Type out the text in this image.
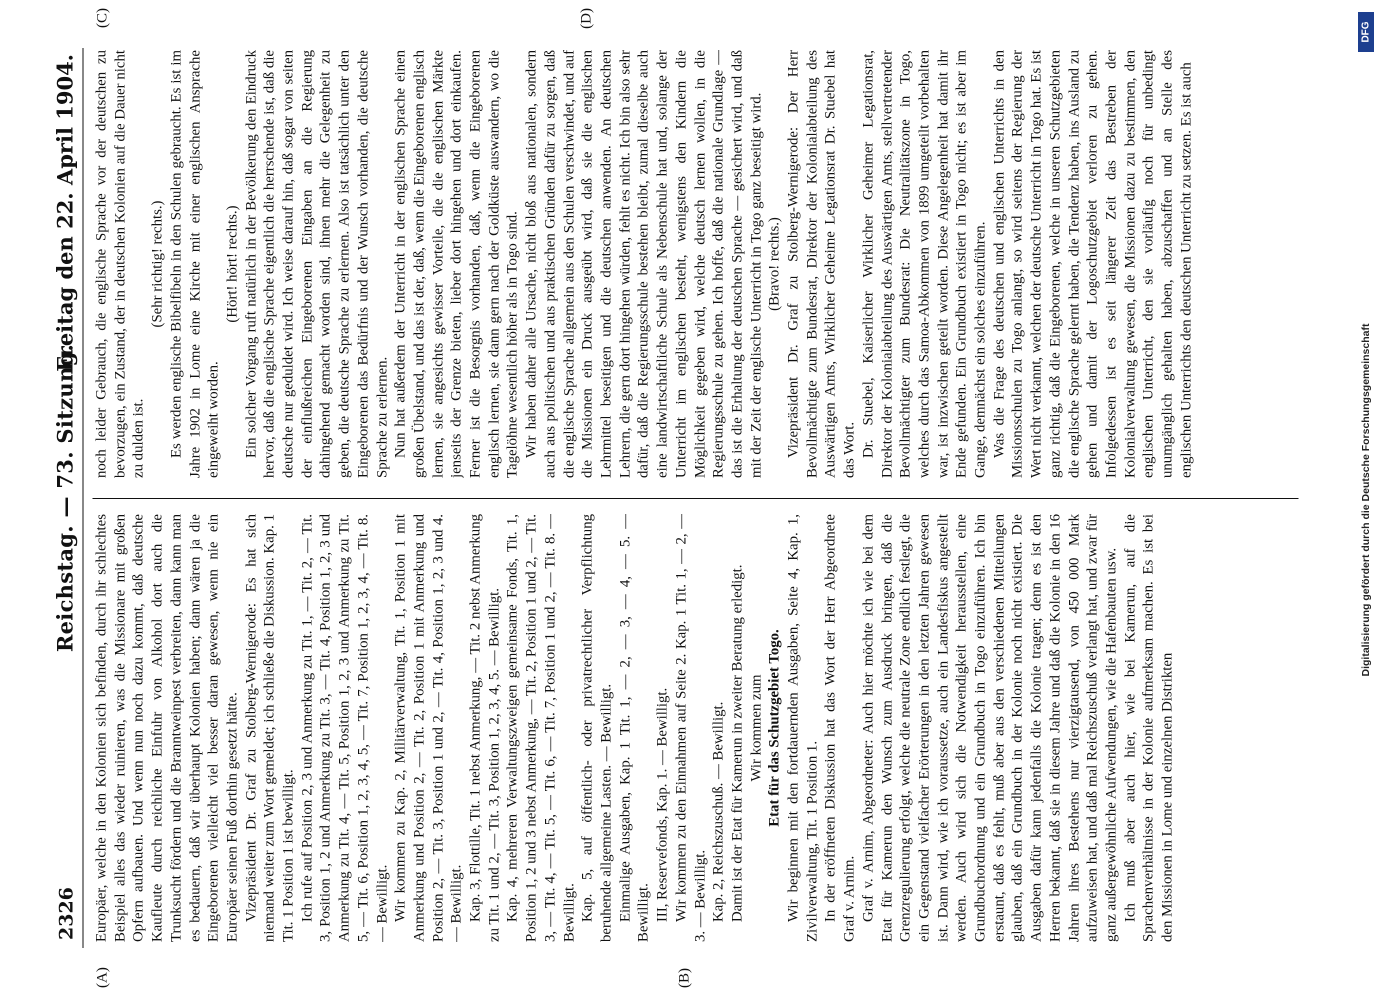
2326
Reichstag. — 73. Sitzung.
Freitag den 22. April 1904.
(A)	(B)
(C)	(D)

Europäer, welche in den Kolonien sich befinden, durch ihr schlechtes Beispiel alles das wieder ruinieren, was die Missionare mit großen Opfern aufbauen. Und wenn nun noch dazu kommt, daß deutsche Kaufleute durch reichliche Einfuhr von Alkohol dort auch die Trunksucht fördern und die Branntweinpest verbreiten, dann kann man es bedauern, daß wir überhaupt Kolonien haben; dann wären ja die Eingeborenen vielleicht viel besser daran gewesen, wenn nie ein Europäer seinen Fuß dorthin gesetzt hätte. Vizepräsident Dr. Graf zu Stolberg-Wernigerode: Es hat sich niemand weiter zum Wort gemeldet; ich schließe die Diskussion. Kap. 1 Tit. 1 Position 1 ist bewilligt. Ich rufe auf Position 2, 3 und Anmerkung zu Tit. 1, — Tit. 2, — Tit. 3, Position 1, 2 und Anmerkung zu Tit. 3, — Tit. 4, Position 1, 2, 3 und Anmerkung zu Tit. 4, — Tit. 5, Position 1, 2, 3 und Anmerkung zu Tit. 5, — Tit. 6, Position 1, 2, 3, 4, 5, — Tit. 7, Position 1, 2, 3, 4, — Tit. 8. — Bewilligt. Wir kommen zu Kap. 2, Militärverwaltung, Tit. 1, Position 1 mit Anmerkung und Position 2, — Tit. 2, Position 1 mit Anmerkung und Position 2, — Tit. 3, Position 1 und 2, — Tit. 4, Position 1, 2, 3 und 4. — Bewilligt. Kap. 3, Flottille, Tit. 1 nebst Anmerkung, — Tit. 2 nebst Anmerkung zu Tit. 1 und 2, — Tit. 3, Position 1, 2, 3, 4, 5. — Bewilligt. Kap. 4, mehreren Verwaltungszweigen gemeinsame Fonds, Tit. 1, Position 1, 2 und 3 nebst Anmerkung, — Tit. 2, Position 1 und 2, — Tit. 3, — Tit. 4, — Tit. 5, — Tit. 6, — Tit. 7, Position 1 und 2, — Tit. 8. — Bewilligt. Kap. 5, auf öffentlich- oder privatrechtlicher Verpflichtung beruhende allgemeine Lasten. — Bewilligt. Einmalige Ausgaben, Kap. 1 Tit. 1, — 2, — 3, — 4, — 5. — Bewilligt. III, Reservefonds, Kap. 1. — Bewilligt. Wir kommen zu den Einnahmen auf Seite 2. Kap. 1 Tit. 1, — 2, — 3. — Bewilligt. Kap. 2, Reichszuschuß. — Bewilligt. Damit ist der Etat für Kamerun in zweiter Beratung erledigt. Wir kommen zum Etat für das Schutzgebiet Togo. Wir beginnen mit den fortdauernden Ausgaben, Seite 4, Kap. 1, Zivilverwaltung, Tit. 1 Position 1. In der eröffneten Diskussion hat das Wort der Herr Abgeordnete Graf v. Arnim. Graf v. Arnim, Abgeordneter: Auch hier möchte ich wie bei dem Etat für Kamerun den Wunsch zum Ausdruck bringen, daß die Grenzregulierung erfolgt, welche die neutrale Zone endlich festlegt, die ein Gegenstand vielfacher Erörterungen in den letzten Jahren gewesen ist. Dann wird, wie ich voraussetze, auch ein Landesfiskus angestellt werden. Auch wird sich die Notwendigkeit herausstellen, eine Grundbuchordnung und ein Grundbuch in Togo einzuführen. Ich bin erstaunt, daß es fehlt, muß aber aus den verschiedenen Mitteilungen glauben, daß ein Grundbuch in der Kolonie noch nicht existiert. Die Ausgaben dafür kann jedenfalls die Kolonie tragen; denn es ist den Herren bekannt, daß sie in diesem Jahre und daß die Kolonie in den 16 Jahren ihres Bestehens nur vierzigtausend, von 450 000 Mark aufzuweisen hat, und daß mal Reichszuschuß verlangt hat, und zwar für ganz außergewöhnliche Aufwendungen, wie die Hafenbauten usw. Ich muß aber auch hier, wie bei Kamerun, auf die Sprachenverhältnisse in der Kolonie aufmerksam machen. Es ist bei den Missionen in Lome und einzelnen Distrikten

noch leider Gebrauch, die englische Sprache vor der deutschen zu bevorzugen, ein Zustand, der in deutschen Kolonien auf die Dauer nicht zu dulden ist.

(Sehr richtig! rechts.) Es werden englische Bibelfibeln in den Schulen gebraucht. Es ist im Jahre 1902 in Lome eine Kirche mit einer englischen Ansprache eingeweiht worden.

(Hört! hört! rechts.) Ein solcher Vorgang ruft natürlich in der Bevölkerung den Eindruck hervor, daß die englische Sprache eigentlich die herrschende ist, daß die deutsche nur geduldet wird. Ich weise darauf hin, daß sogar von seiten der einflußreichen Eingeborenen Eingaben an die Regierung dahingehend gemacht worden sind, ihnen mehr die Gelegenheit zu geben, die deutsche Sprache zu erlernen. Also ist tatsächlich unter den Eingeborenen das Bedürfnis und der Wunsch vorhanden, die deutsche Sprache zu erlernen. Nun hat außerdem der Unterricht in der englischen Sprache einen großen Übelstand, und das ist der, daß, wenn die Eingeborenen englisch lernen, sie angesichts gewisser Vorteile, die die englischen Märkte jenseits der Grenze bieten, lieber dort hingehen und dort einkaufen. Ferner ist die Besorgnis vorhanden, daß, wenn die Eingeborenen englisch lernen, sie dann gern nach der Goldküste auswandern, wo die Tagelöhne wesentlich höher als in Togo sind. Wir haben daher alle Ursache, nicht bloß aus nationalen, sondern auch aus politischen und aus praktischen Gründen dafür zu sorgen, daß die englische Sprache allgemein aus den Schulen verschwindet, und auf die Missionen ein Druck ausgeübt wird, daß sie die englischen Lehrmittel beseitigen und die deutschen anwenden. An deutschen Lehrern, die gern dort hingehen würden, fehlt es nicht. Ich bin also sehr dafür, daß die Regierungsschule bestehen bleibt, zumal dieselbe auch eine landwirtschaftliche Schule als Nebenschule hat und, solange der Unterricht im englischen besteht, wenigstens den Kindern die Möglichkeit gegeben wird, welche deutsch lernen wollen, in die Regierungsschule zu gehen. Ich hoffe, daß die nationale Grundlage — das ist die Erhaltung der deutschen Sprache — gesichert wird, und daß mit der Zeit der englische Unterricht in Togo ganz beseitigt wird. (Bravo! rechts.) Vizepräsident Dr. Graf zu Stolberg-Wernigerode: Der Herr Bevollmächtigte zum Bundesrat, Direktor der Kolonialabteilung des Auswärtigen Amts, Wirklicher Geheime Legationsrat Dr. Stuebel hat das Wort. Dr. Stuebel, Kaiserlicher Wirklicher Geheimer Legationsrat, Direktor der Kolonialabteilung des Auswärtigen Amts, stellvertretender Bevollmächtigter zum Bundesrat: Die Neutralitätszone in Togo, welches durch das Samoa-Abkommen von 1899 umgeteilt vorbehalten war, ist inzwischen geteilt worden. Diese Angelegenheit hat damit ihr Ende gefunden. Ein Grundbuch existiert in Togo nicht; es ist aber im Gange, demnächst ein solches einzuführen. Was die Frage des deutschen und englischen Unterrichts in den Missionsschulen zu Togo anlangt, so wird seitens der Regierung der Wert nicht verkannt, welchen der deutsche Unterricht in Togo hat. Es ist ganz richtig, daß die Eingeborenen, welche in unseren Schutzgebieten die englische Sprache gelernt haben, die Tendenz haben, ins Ausland zu gehen und damit der Logoschutzgebiet verloren zu gehen. Infolgedessen ist es seit längerer Zeit das Bestreben der Kolonialverwaltung gewesen, die Missionen dazu zu bestimmen, den englischen Unterricht, den sie vorläufig noch für unbedingt unumgänglich gehalten haben, abzuschaffen und an Stelle des englischen Unterrichts den deutschen Unterricht zu setzen. Es ist auch

DFG
Digitalisierung gefördert durch die Deutsche Forschungsgemeinschaft
